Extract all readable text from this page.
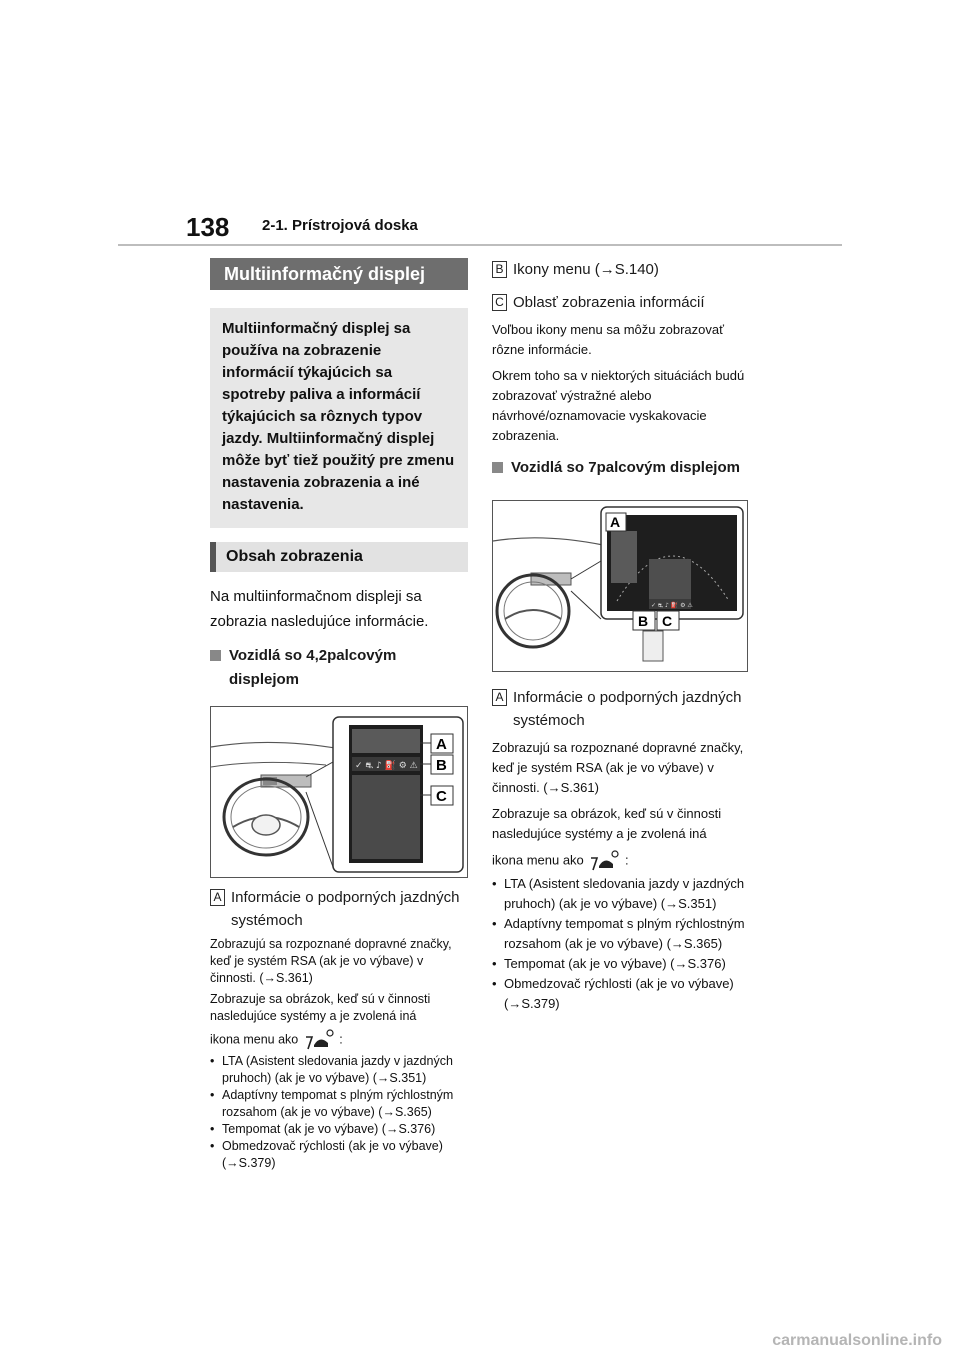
138 2-1. Prístrojová doska
Multiinformačný displej
Multiinformačný displej sa používa na zobrazenie informácií týkajúcich sa spotreby paliva a informácií týkajúcich sa rôznych typov jazdy. Multiinformačný displej môže byť tiež použitý pre zmenu nastavenia zobrazenia a iné nastavenia.
Obsah zobrazenia
Na multiinformačnom displeji sa zobrazia nasledujúce informácie.
Vozidlá so 4,2palcovým displejom
✓ ⛐ ♪ ⛽ ⚙ ⚠
A
B
C
A Informácie o podporných jazdných systémoch
Zobrazujú sa rozpoznané dopravné značky, keď je systém RSA (ak je vo výbave) v činnosti. (→S.361)
Zobrazuje sa obrázok, keď sú v činnosti nasledujúce systémy a je zvolená iná
ikona menu ako	:
• LTA (Asistent sledovania jazdy v jazdných pruhoch) (ak je vo výbave) (→S.351)
• Adaptívny tempomat s plným rýchlostným rozsahom (ak je vo výbave) (→S.365)
• Tempomat (ak je vo výbave) (→S.376)
• Obmedzovač rýchlosti (ak je vo výbave) (→S.379)
B Ikony menu (→S.140)
C Oblasť zobrazenia informácií
Voľbou ikony menu sa môžu zobrazovať rôzne informácie.
Okrem toho sa v niektorých situáciách budú zobrazovať výstražné alebo návrhové/oznamovacie vyskakovacie zobrazenia.
Vozidlá so 7palcovým displejom
✓ ⛐ ♪ ⛽ ⚙ ⚠
A
B C
A Informácie o podporných jazdných systémoch
Zobrazujú sa rozpoznané dopravné značky, keď je systém RSA (ak je vo výbave) v činnosti. (→S.361)
Zobrazuje sa obrázok, keď sú v činnosti nasledujúce systémy a je zvolená iná
ikona menu ako	:
• LTA (Asistent sledovania jazdy v jazdných pruhoch) (ak je vo výbave) (→S.351)
• Adaptívny tempomat s plným rýchlostným rozsahom (ak je vo výbave) (→S.365)
• Tempomat (ak je vo výbave) (→S.376)
• Obmedzovač rýchlosti (ak je vo výbave) (→S.379)
carmanualsonline.info
